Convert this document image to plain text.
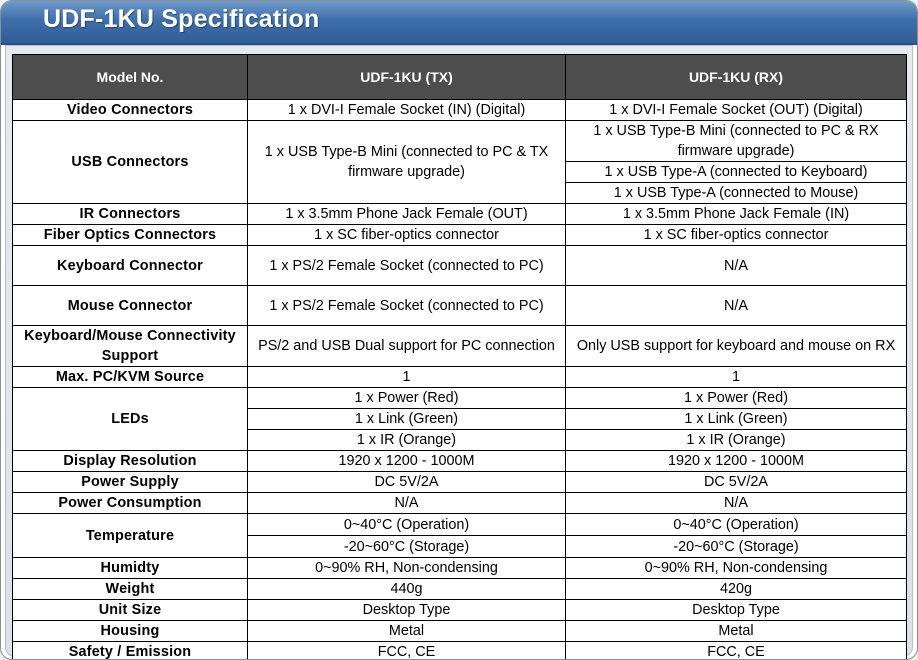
UDF-1KU Specification
Model No.	UDF-1KU (TX)	UDF-1KU (RX)
Video Connectors	1 x DVI-I Female Socket (IN) (Digital)	1 x DVI-I Female Socket (OUT) (Digital)
USB Connectors	1 x USB Type-B Mini (connected to PC & TX firmware upgrade)	1 x USB Type-B Mini (connected to PC & RX firmware upgrade)
		1 x USB Type-A (connected to Keyboard)
		1 x USB Type-A (connected to Mouse)
IR Connectors	1 x 3.5mm Phone Jack Female (OUT)	1 x 3.5mm Phone Jack Female (IN)
Fiber Optics Connectors	1 x SC fiber-optics connector	1 x SC fiber-optics connector
Keyboard Connector	1 x PS/2 Female Socket (connected to PC)	N/A
Mouse Connector	1 x PS/2 Female Socket (connected to PC)	N/A
Keyboard/Mouse Connectivity Support	PS/2 and USB Dual support for PC connection	Only USB support for keyboard and mouse on RX
Max. PC/KVM Source	1	1
LEDs	1 x Power (Red)	1 x Power (Red)
	1 x Link (Green)	1 x Link (Green)
	1 x IR (Orange)	1 x IR (Orange)
Display Resolution	1920 x 1200 - 1000M	1920 x 1200 - 1000M
Power Supply	DC 5V/2A	DC 5V/2A
Power Consumption	N/A	N/A
Temperature	0~40°C (Operation)	0~40°C (Operation)
	-20~60°C (Storage)	-20~60°C (Storage)
Humidty	0~90% RH, Non-condensing	0~90% RH, Non-condensing
Weight	440g	420g
Unit Size	Desktop Type	Desktop Type
Housing	Metal	Metal
Safety / Emission	FCC, CE	FCC, CE
